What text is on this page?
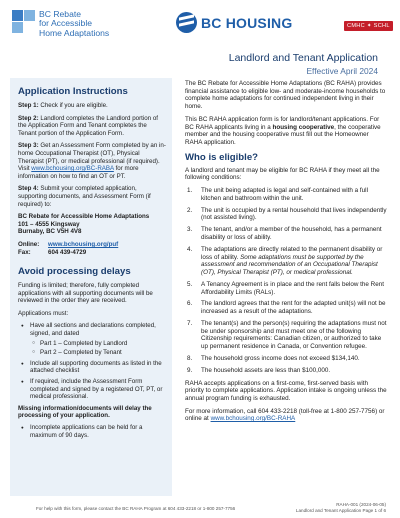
BC Rebate
for Accessible
Home Adaptations
BC HOUSING	CMHC ✦ SCHL
Landlord and Tenant Application
Effective April 2024
Application Instructions

Step 1: Check if you are eligible.

Step 2: Landlord completes the Landlord portion of the Application Form and Tenant completes the Tenant portion of the Application Form.

Step 3: Get an Assessment Form completed by an in-home Occupational Therapist (OT), Physical Therapist (PT), or medical professional (if required). Visit www.bchousing.org/BC-RABA for more information on how to find an OT or PT.

Step 4: Submit your completed application, supporting documents, and Assessment Form (if required) to:

BC Rebate for Accessible Home Adaptations
101 – 4555 Kingsway
Burnaby, BC V5H 4V8
Online:	www.bchousing.org/puf
Fax:	604 439-4729
Avoid processing delays

Funding is limited; therefore, fully completed applications with all supporting documents will be reviewed in the order they are received.

Applications must:

● Have all sections and declarations completed, signed, and dated
○ Part 1 – Completed by Landlord
○ Part 2 – Completed by Tenant
● Include all supporting documents as listed in the attached checklist
● If required, include the Assessment Form completed and signed by a registered OT, PT, or medical professional.
Missing information/documents will delay the processing of your application.
● Incomplete applications can be held for a maximum of 90 days.

The BC Rebate for Accessible Home Adaptations (BC RAHA) provides financial assistance to eligible low- and moderate-income households to complete home adaptations for continued independent living in their home.

This BC RAHA application form is for landlord/tenant applications. For BC RAHA applicants living in a housing cooperative, the cooperative member and the housing cooperative must fill out the Homeowner RAHA application.

Who is eligible?

A landlord and tenant may be eligible for BC RAHA if they meet all the following conditions:

1. The unit being adapted is legal and self-contained with a full kitchen and bathroom within the unit.
2. The unit is occupied by a rental household that lives independently (not assisted living).
3. The tenant, and/or a member of the household, has a permanent disability or loss of ability.
4. The adaptations are directly related to the permanent disability or loss of ability. Some adaptations must be supported by the assessment and recommendation of an Occupational Therapist (OT), Physical Therapist (PT), or medical professional.
5. A Tenancy Agreement is in place and the rent falls below the Rent Affordability Limits (RALs).
6. The landlord agrees that the rent for the adapted unit(s) will not be increased as a result of the adaptations.
7. The tenant(s) and the person(s) requiring the adaptations must not be under sponsorship and must meet one of the following Citizenship requirements: Canadian citizen, or authorized to take up permanent residence in Canada, or Convention refugee.
8. The household gross income does not exceed $134,140.
9. The household assets are less than $100,000.

RAHA accepts applications on a first-come, first-served basis with priority to complete applications. Application intake is ongoing unless the annual program funding is exhausted.

For more information, call 604 433-2218 (toll-free at 1-800 257-7756) or online at www.bchousing.org/BC-RAHA

For help with this form, please contact the BC RAHA Program at 604 433-2218 or 1-800 257-7756
RAHA-001 (2024-06-05)
Landlord and Tenant Application Page 1 of 6
